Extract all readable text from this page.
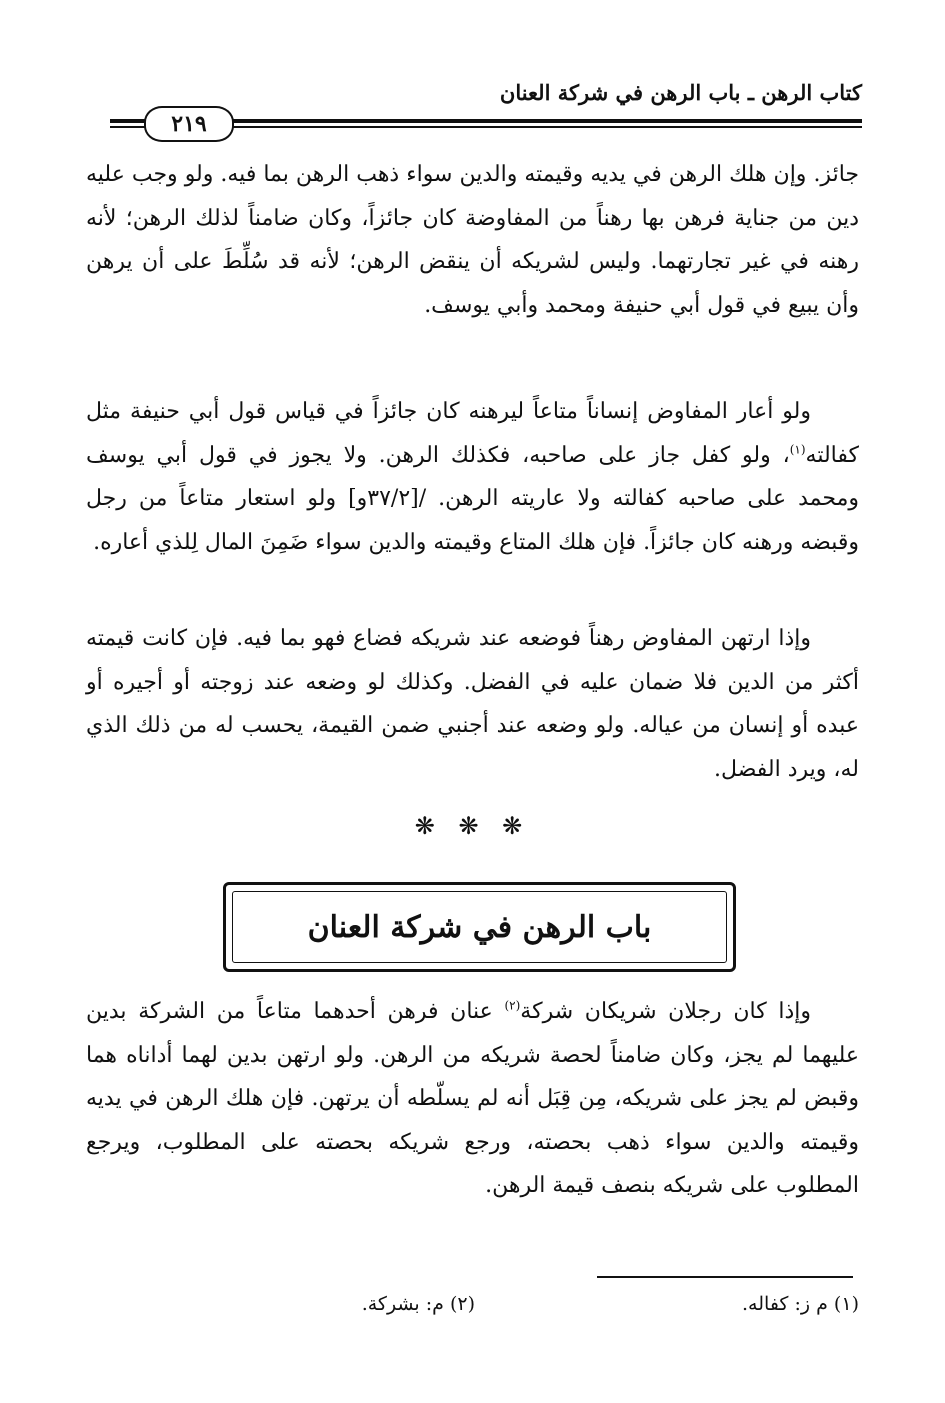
كتاب الرهن ـ باب الرهن في شركة العنان
٢١٩
جائز. وإن هلك الرهن في يديه وقيمته والدين سواء ذهب الرهن بما فيه. ولو وجب عليه دين من جناية فرهن بها رهناً من المفاوضة كان جائزاً، وكان ضامناً لذلك الرهن؛ لأنه رهنه في غير تجارتهما. وليس لشريكه أن ينقض الرهن؛ لأنه قد سُلِّطَ على أن يرهن وأن يبيع في قول أبي حنيفة ومحمد وأبي يوسف.
ولو أعار المفاوض إنساناً متاعاً ليرهنه كان جائزاً في قياس قول أبي حنيفة مثل كفالته$^{(١)}$، ولو كفل جاز على صاحبه، فكذلك الرهن. ولا يجوز في قول أبي يوسف ومحمد على صاحبه كفالته ولا عاريته الرهن. /[٣٧/٢و] ولو استعار متاعاً من رجل وقبضه ورهنه كان جائزاً. فإن هلك المتاع وقيمته والدين سواء ضَمِنَ المال لِلذي أعاره.
وإذا ارتهن المفاوض رهناً فوضعه عند شريكه فضاع فهو بما فيه. فإن كانت قيمته أكثر من الدين فلا ضمان عليه في الفضل. وكذلك لو وضعه عند زوجته أو أجيره أو عبده أو إنسان من عياله. ولو وضعه عند أجنبي ضمن القيمة، يحسب له من ذلك الذي له، ويرد الفضل.
❋ ❋ ❋
باب الرهن في شركة العنان
وإذا كان رجلان شريكان شركة$^{(٢)}$ عنان فرهن أحدهما متاعاً من الشركة بدين عليهما لم يجز، وكان ضامناً لحصة شريكه من الرهن. ولو ارتهن بدين لهما أداناه هما وقبض لم يجز على شريكه، مِن قِبَل أنه لم يسلّطه أن يرتهن. فإن هلك الرهن في يديه وقيمته والدين سواء ذهب بحصته، ورجع شريكه بحصته على المطلوب، ويرجع المطلوب على شريكه بنصف قيمة الرهن.
(١) م ز: كفاله.
(٢) م: بشركة.
